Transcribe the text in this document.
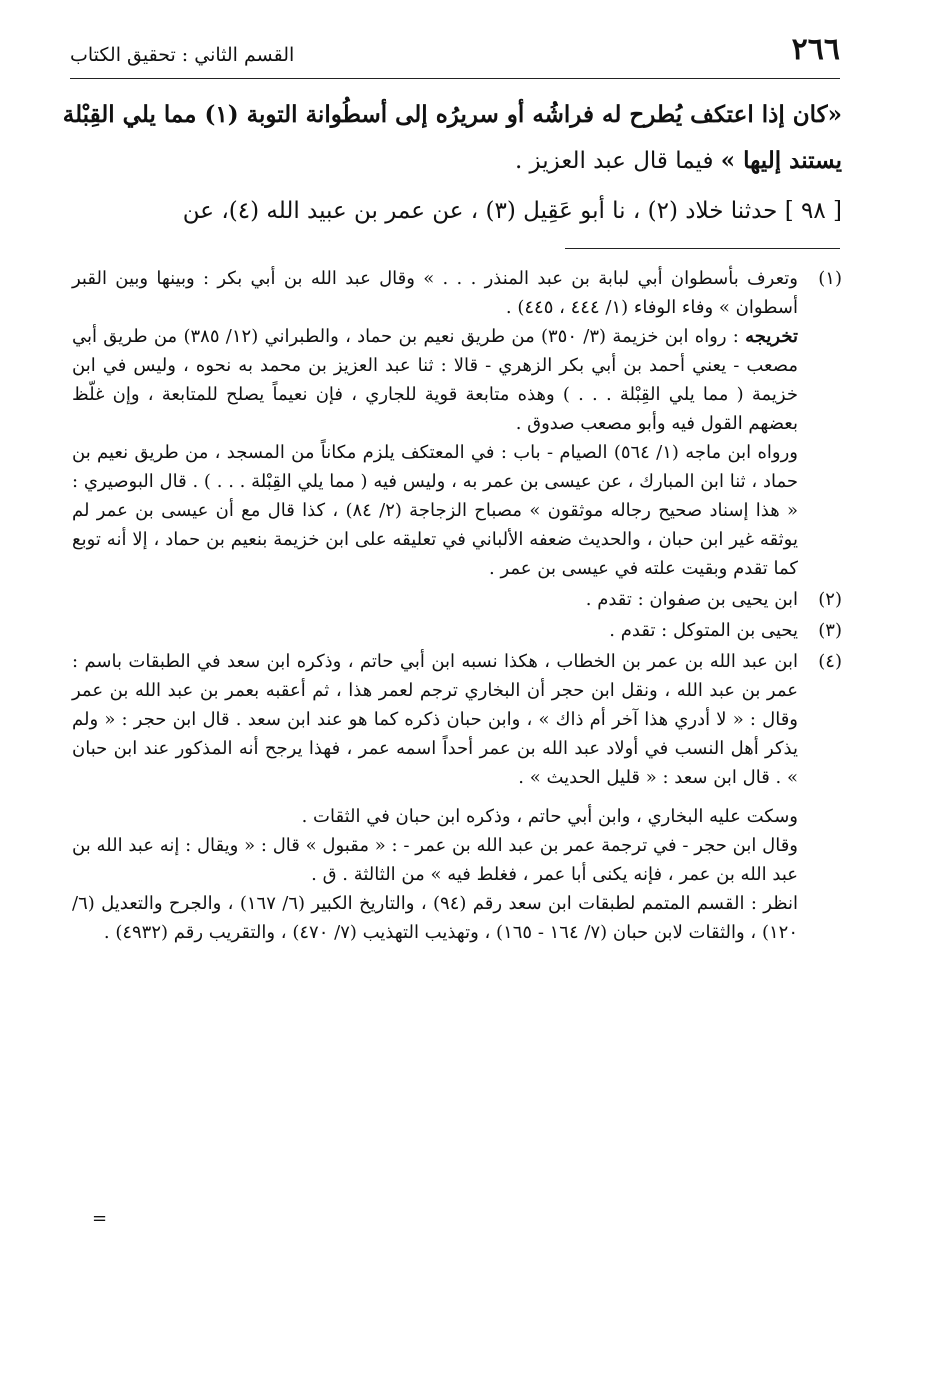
٢٦٦
القسم الثاني : تحقيق الكتاب
«كان إذا اعتكف يُطرح له فراشُه أو سريرُه إلى أسطُوانة التوبة (١) مما يلي القِبْلة
يستند إليها » فيما قال عبد العزيز .
[ ٩٨ ] حدثنا خلاد (٢) ، نا أبو عَقِيل (٣) ، عن عمر بن عبيد الله (٤)، عن
(١)

وتعرف بأسطوان أبي لبابة بن عبد المنذر . . . » وقال عبد الله بن أبي بكر : وبينها وبين القبر أسطوان » وفاء الوفاء (١/ ٤٤٤ ، ٤٤٥) .

تخريجه : رواه ابن خزيمة (٣/ ٣٥٠) من طريق نعيم بن حماد ، والطبراني (١٢/ ٣٨٥) من طريق أبي مصعب - يعني أحمد بن أبي بكر الزهري - قالا : ثنا عبد العزيز بن محمد به نحوه ، وليس في ابن خزيمة ( مما يلي القِبْلة . . . ) وهذه متابعة قوية للجاري ، فإن نعيماً يصلح للمتابعة ، وإن غلّظ بعضهم القول فيه وأبو مصعب صدوق .

ورواه ابن ماجه (١/ ٥٦٤) الصيام - باب : في المعتكف يلزم مكاناً من المسجد ، من طريق نعيم بن حماد ، ثنا ابن المبارك ، عن عيسى بن عمر به ، وليس فيه ( مما يلي القِبْلة . . . ) . قال البوصيري : « هذا إسناد صحيح رجاله موثقون » مصباح الزجاجة (٢/ ٨٤) ، كذا قال مع أن عيسى بن عمر لم يوثقه غير ابن حبان ، والحديث ضعفه الألباني في تعليقه على ابن خزيمة بنعيم بن حماد ، إلا أنه توبع كما تقدم وبقيت علته في عيسى بن عمر .

(٢)

ابن يحيى بن صفوان : تقدم .

(٣)

يحيى بن المتوكل : تقدم .

(٤)

ابن عبد الله بن عمر بن الخطاب ، هكذا نسبه ابن أبي حاتم ، وذكره ابن سعد في الطبقات باسم : عمر بن عبد الله ، ونقل ابن حجر أن البخاري ترجم لعمر هذا ، ثم أعقبه بعمر بن عبد الله بن عمر وقال : « لا أدري هذا آخر أم ذاك » ، وابن حبان ذكره كما هو عند ابن سعد . قال ابن حجر : « ولم يذكر أهل النسب في أولاد عبد الله بن عمر أحداً اسمه عمر ، فهذا يرجح أنه المذكور عند ابن حبان » . قال ابن سعد : « قليل الحديث » .

وسكت عليه البخاري ، وابن أبي حاتم ، وذكره ابن حبان في الثقات .

وقال ابن حجر - في ترجمة عمر بن عبد الله بن عمر - : « مقبول » قال : « ويقال : إنه عبد الله بن عبد الله بن عمر ، فإنه يكنى أبا عمر ، فغلط فيه » من الثالثة . ق .

انظر : القسم المتمم لطبقات ابن سعد رقم (٩٤) ، والتاريخ الكبير (٦/ ١٦٧) ، والجرح والتعديل (٦/ ١٢٠) ، والثقات لابن حبان (٧/ ١٦٤ - ١٦٥) ، وتهذيب التهذيب (٧/ ٤٧٠) ، والتقريب رقم (٤٩٣٢) .

=
